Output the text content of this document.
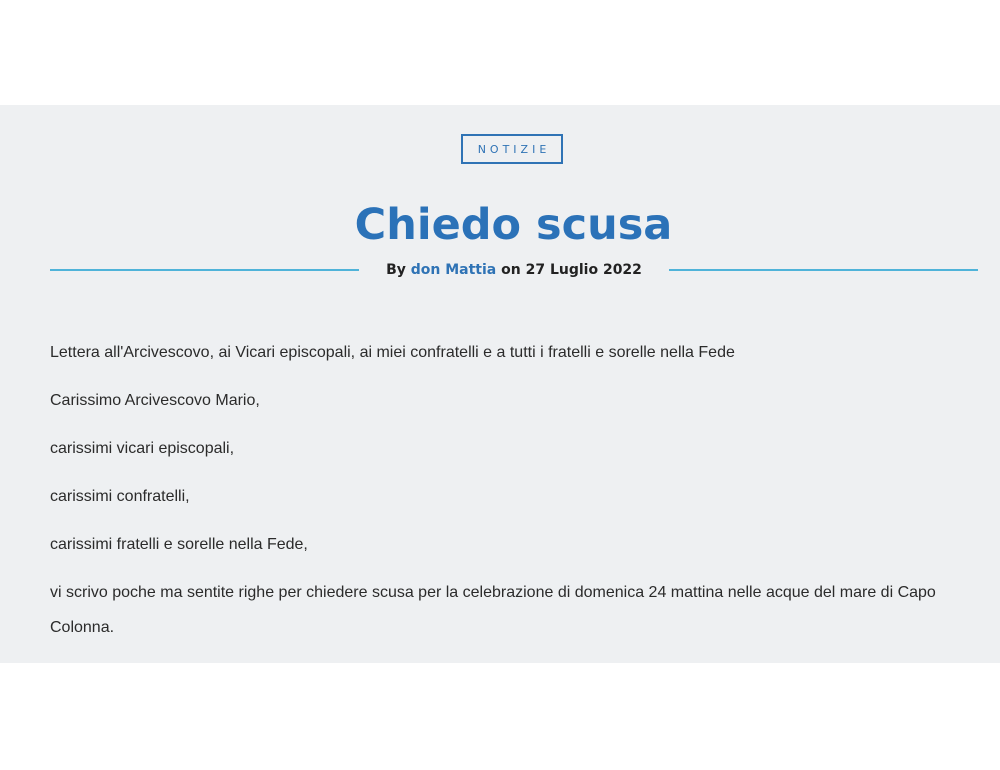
NOTIZIE
Chiedo scusa
By don Mattia on 27 Luglio 2022

Lettera all'Arcivescovo, ai Vicari episcopali, ai miei confratelli e a tutti i fratelli e sorelle nella Fede

Carissimo Arcivescovo Mario,

carissimi vicari episcopali,

carissimi confratelli,

carissimi fratelli e sorelle nella Fede,

vi scrivo poche ma sentite righe per chiedere scusa per la celebrazione di domenica 24 mattina nelle acque del mare di Capo Colonna.
